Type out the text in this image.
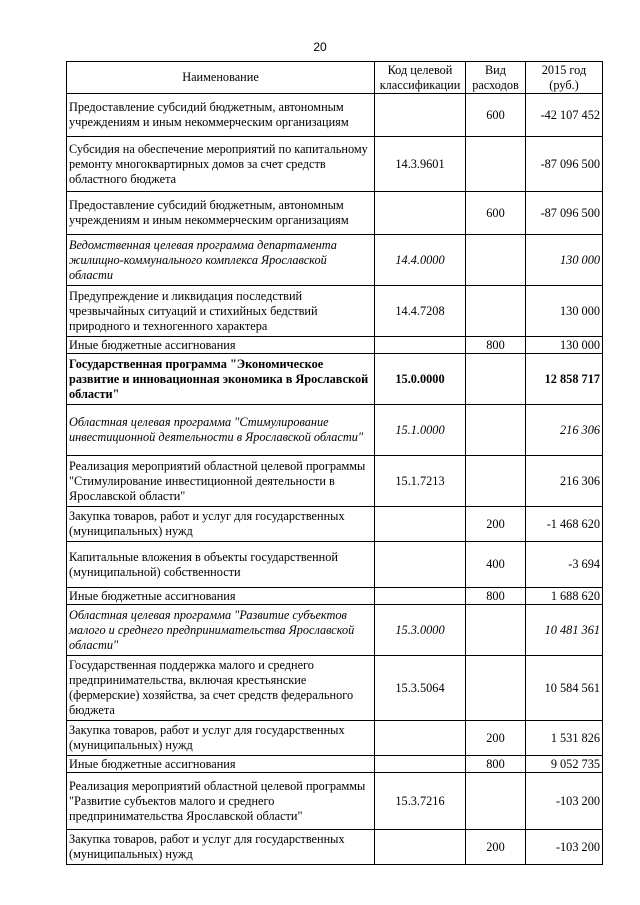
20
Наименование	Код целевой классификации	Вид расходов	2015 год (руб.)
Предоставление субсидий бюджетным, автономным учреждениям и иным некоммерческим организациям		600	-42 107 452
Субсидия на обеспечение мероприятий по капитальному ремонту многоквартирных домов за счет средств областного бюджета	14.3.9601		-87 096 500
Предоставление субсидий бюджетным, автономным учреждениям и иным некоммерческим организациям		600	-87 096 500
Ведомственная целевая программа департамента жилищно-коммунального комплекса Ярославской области	14.4.0000		130 000
Предупреждение и ликвидация последствий чрезвычайных ситуаций и стихийных бедствий природного и техногенного характера	14.4.7208		130 000
Иные бюджетные ассигнования		800	130 000
Государственная программа "Экономическое развитие и инновационная экономика в Ярославской области"	15.0.0000		12 858 717
Областная целевая программа "Стимулирование инвестиционной деятельности в Ярославской области"	15.1.0000		216 306
Реализация мероприятий областной целевой программы "Стимулирование инвестиционной деятельности в Ярославской области"	15.1.7213		216 306
Закупка товаров, работ и услуг для государственных (муниципальных) нужд		200	-1 468 620
Капитальные вложения в объекты государственной (муниципальной) собственности		400	-3 694
Иные бюджетные ассигнования		800	1 688 620
Областная целевая программа "Развитие субъектов малого и среднего предпринимательства Ярославской области"	15.3.0000		10 481 361
Государственная поддержка малого и среднего предпринимательства, включая крестьянские (фермерские) хозяйства, за счет средств федерального бюджета	15.3.5064		10 584 561
Закупка товаров, работ и услуг для государственных (муниципальных) нужд		200	1 531 826
Иные бюджетные ассигнования		800	9 052 735
Реализация мероприятий областной целевой программы "Развитие субъектов малого и среднего предпринимательства Ярославской области"	15.3.7216		-103 200
Закупка товаров, работ и услуг для государственных (муниципальных) нужд		200	-103 200
